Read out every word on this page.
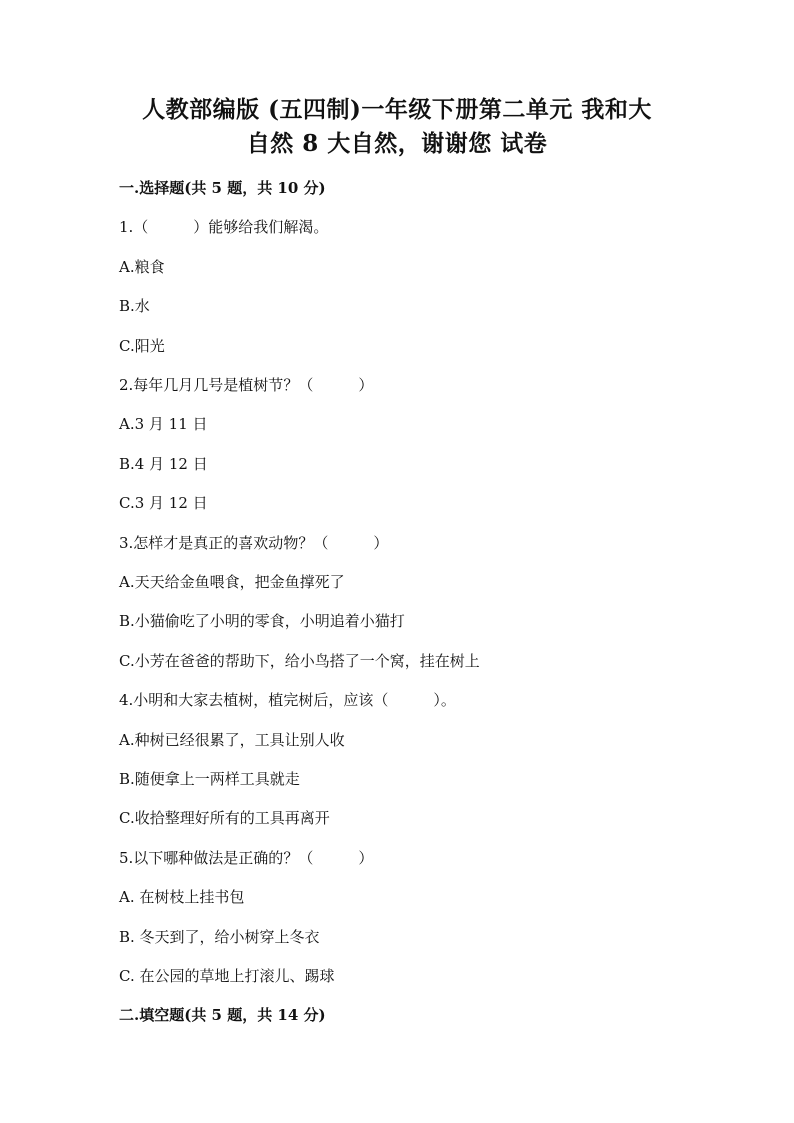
人教部编版 (五四制)一年级下册第二单元 我和大
自然 8 大自然，谢谢您 试卷
一.选择题(共 5 题，共 10 分)
1.（　　　）能够给我们解渴。
A.粮食
B.水
C.阳光
2.每年几月几号是植树节？（　　　）
A.3 月 11 日
B.4 月 12 日
C.3 月 12 日
3.怎样才是真正的喜欢动物？（　　　）
A.天天给金鱼喂食，把金鱼撑死了
B.小猫偷吃了小明的零食，小明追着小猫打
C.小芳在爸爸的帮助下，给小鸟搭了一个窝，挂在树上
4.小明和大家去植树，植完树后，应该（　　　）。
A.种树已经很累了，工具让别人收
B.随便拿上一两样工具就走
C.收拾整理好所有的工具再离开
5.以下哪种做法是正确的？（　　　）
A. 在树枝上挂书包
B. 冬天到了，给小树穿上冬衣
C. 在公园的草地上打滚儿、踢球
二.填空题(共 5 题，共 14 分)
